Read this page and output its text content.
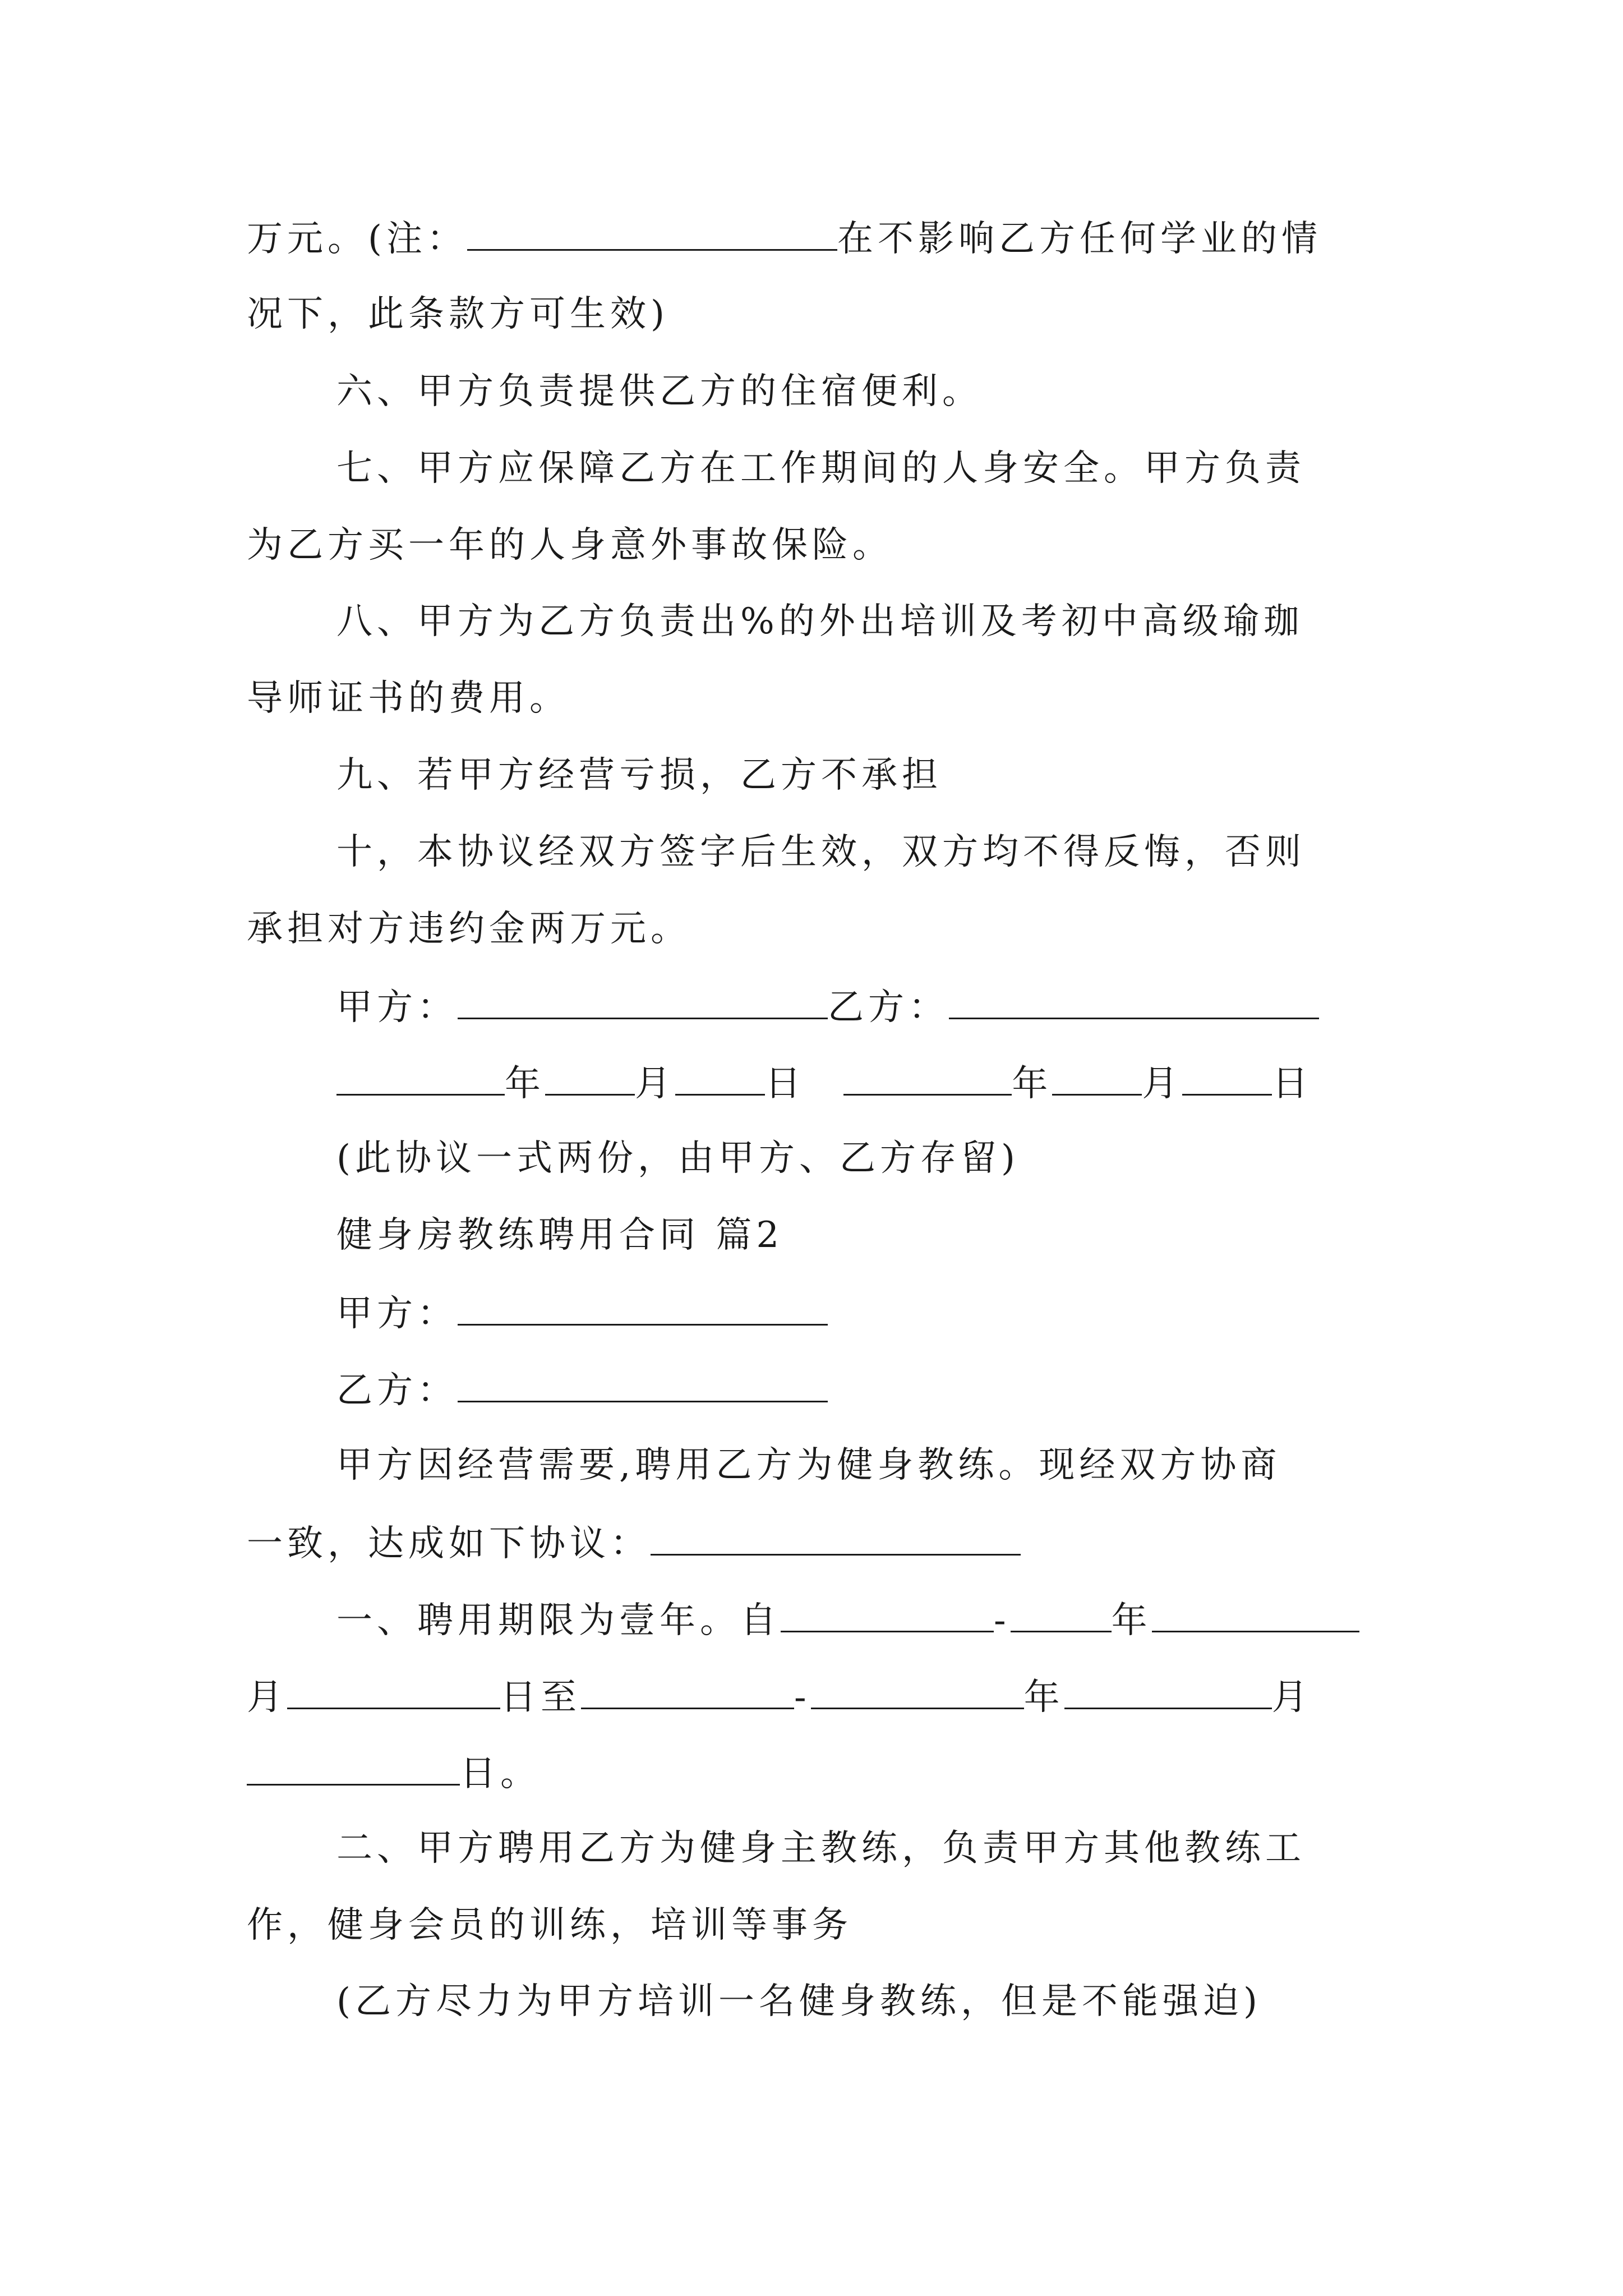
万元。(注：	在不影响乙方任何学业的情
况下，此条款方可生效)
六、甲方负责提供乙方的住宿便利。
七、甲方应保障乙方在工作期间的人身安全。甲方负责
为乙方买一年的人身意外事故保险。
八、甲方为乙方负责出%的外出培训及考初中高级瑜珈
导师证书的费用。
九、若甲方经营亏损，乙方不承担
十，本协议经双方签字后生效，双方均不得反悔，否则
承担对方违约金两万元。
甲方：	乙方：
年	月	日	年	月	日
(此协议一式两份，由甲方、乙方存留)
健身房教练聘用合同 篇2
甲方：
乙方：
甲方因经营需要,聘用乙方为健身教练。现经双方协商
一致，达成如下协议：
一、聘用期限为壹年。自	-	年
月	日至	-	年	月
日。
二、甲方聘用乙方为健身主教练，负责甲方其他教练工
作，健身会员的训练，培训等事务
(乙方尽力为甲方培训一名健身教练，但是不能强迫)
